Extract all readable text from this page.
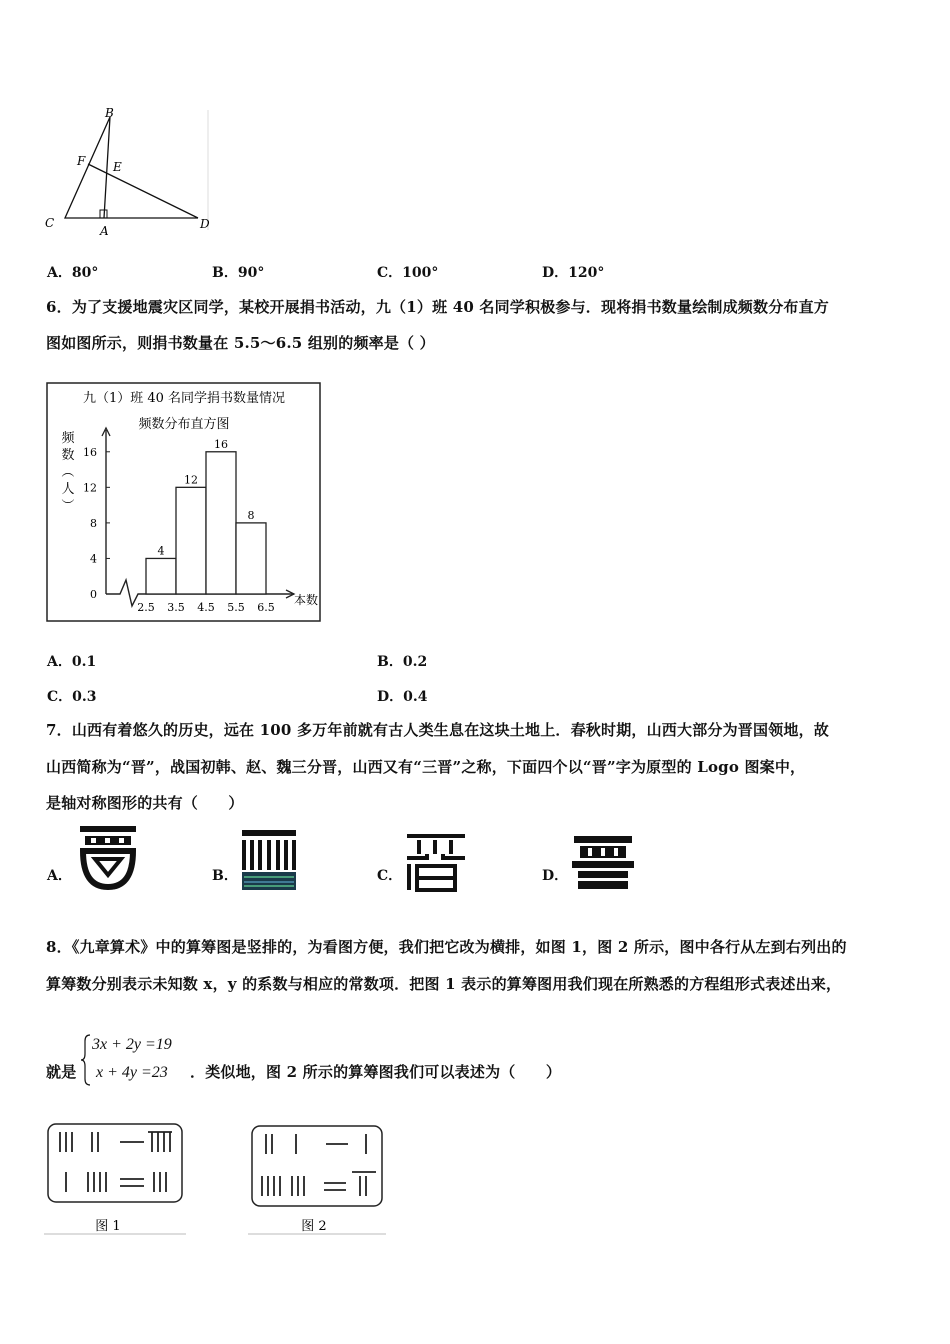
B
F E
C
A	D
A．80°	B．90°	C．100°	D．120°
6．为了支援地震灾区同学，某校开展捐书活动，九（1）班 40 名同学积极参与．现将捐书数量绘制成频数分布直方
图如图所示，则捐书数量在 5.5～6.5 组别的频率是（ ）
九（1）班 40 名同学捐书数量情况
频数分布直方图
频
数
（
人
）
0
4
8
12
16
4
12
16
8
2.5 3.5 4.5 5.5 6.5
本数
A．0.1	B．0.2
C．0.3	D．0.4
7．山西有着悠久的历史，远在 100 多万年前就有古人类生息在这块土地上．春秋时期，山西大部分为晋国领地，故
山西简称为“晋”，战国初韩、赵、魏三分晋，山西又有“三晋”之称，下面四个以“晋”字为原型的 Logo 图案中，
是轴对称图形的共有（　　）
A．	B．	C．	D．
8．《九章算术》中的算筹图是竖排的，为看图方便，我们把它改为横排，如图 1，图 2 所示，图中各行从左到右列出的
算筹数分别表示未知数 x，y 的系数与相应的常数项．把图 1 表示的算筹图用我们现在所熟悉的方程组形式表述出来，
就是
3x + 2y =19
x + 4y =23 ．类似地，图 2 所示的算筹图我们可以表述为（　　）
图 1	图 2
